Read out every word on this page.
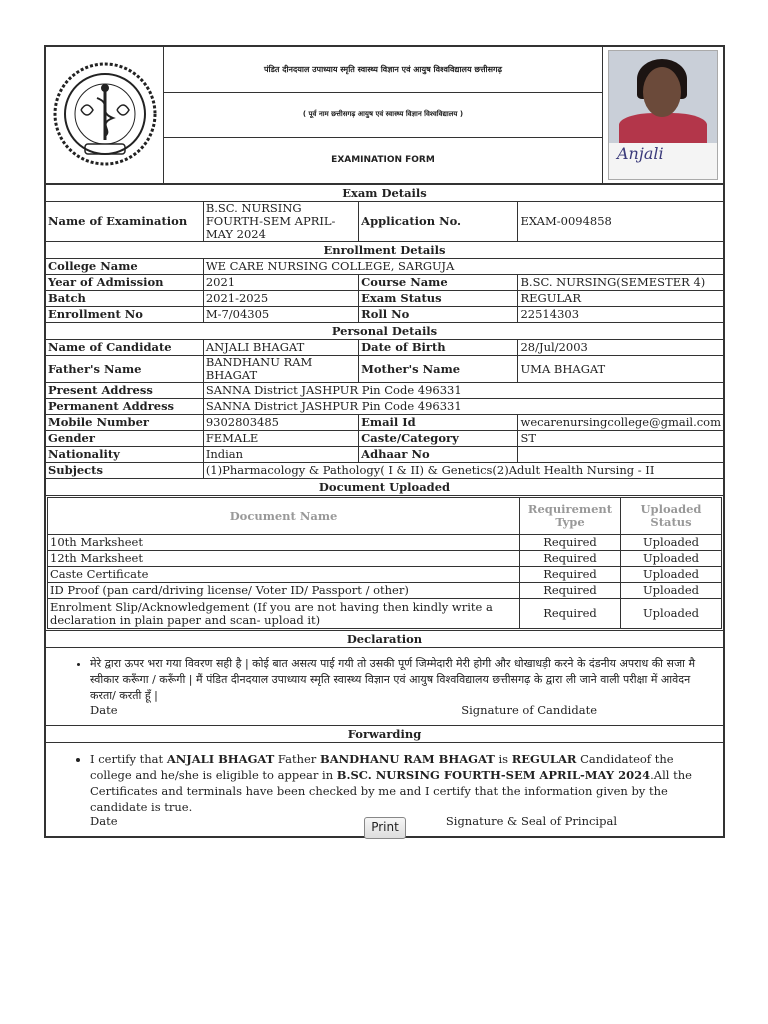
	पंडित दीनदयाल उपाध्याय स्मृति स्वास्थ्य विज्ञान एवं आयुष विश्वविद्यालय छत्तीसगढ़	
Anjali

( पूर्व नाम छत्तीसगढ़ आयुष एवं स्वास्थ्य विज्ञान विश्वविद्यालय )
EXAMINATION FORM
Exam Details
Name of Examination	B.SC. NURSING FOURTH-SEM APRIL-MAY 2024	Application No.	EXAM-0094858
Enrollment Details
College Name	WE CARE NURSING COLLEGE, SARGUJA
Year of Admission	2021	Course Name	B.SC. NURSING(SEMESTER 4)
Batch	2021-2025	Exam Status	REGULAR
Enrollment No	M-7/04305	Roll No	22514303
Personal Details
Name of Candidate	ANJALI BHAGAT	Date of Birth	28/Jul/2003
Father's Name	BANDHANU RAM BHAGAT	Mother's Name	UMA BHAGAT
Present Address	SANNA District JASHPUR Pin Code 496331
Permanent Address	SANNA District JASHPUR Pin Code 496331
Mobile Number	9302803485	Email Id	wecarenursingcollege@gmail.com
Gender	FEMALE	Caste/Category	ST
Nationality	Indian	Adhaar No	
Subjects	(1)Pharmacology & Pathology( I & II) & Genetics(2)Adult Health Nursing - II
Document Uploaded

Document Name	Requirement Type	Uploaded Status
10th Marksheet	Required	Uploaded
12th Marksheet	Required	Uploaded
Caste Certificate	Required	Uploaded
ID Proof (pan card/driving license/ Voter ID/ Passport / other)	Required	Uploaded
Enrolment Slip/Acknowledgement (If you are not having then kindly write a declaration in plain paper and scan- upload it)	Required	Uploaded

Declaration

• मेरे द्वारा ऊपर भरा गया विवरण सही है | कोई बात असत्य पाई गयी तो उसकी पूर्ण जिम्मेदारी मेरी होगी और धोखाधड़ी करने के दंडनीय अपराध की सजा मै स्वीकार करूँगा / करूँगी | मैं पंडित दीनदयाल उपाध्याय स्मृति स्वास्थ्य विज्ञान एवं आयुष विश्वविद्यालय छत्तीसगढ़ के द्वारा ली जाने वाली परीक्षा में आवेदन करता/ करती हूँ |
Date	Signature of Candidate

Forwarding

• I certify that ANJALI BHAGAT Father BANDHANU RAM BHAGAT is REGULAR Candidateof the college and he/she is eligible to appear in B.SC. NURSING FOURTH-SEM APRIL-MAY 2024.All the Certificates and terminals have been checked by me and I certify that the information given by the candidate is true.
Date	Signature & Seal of Principal
Print
